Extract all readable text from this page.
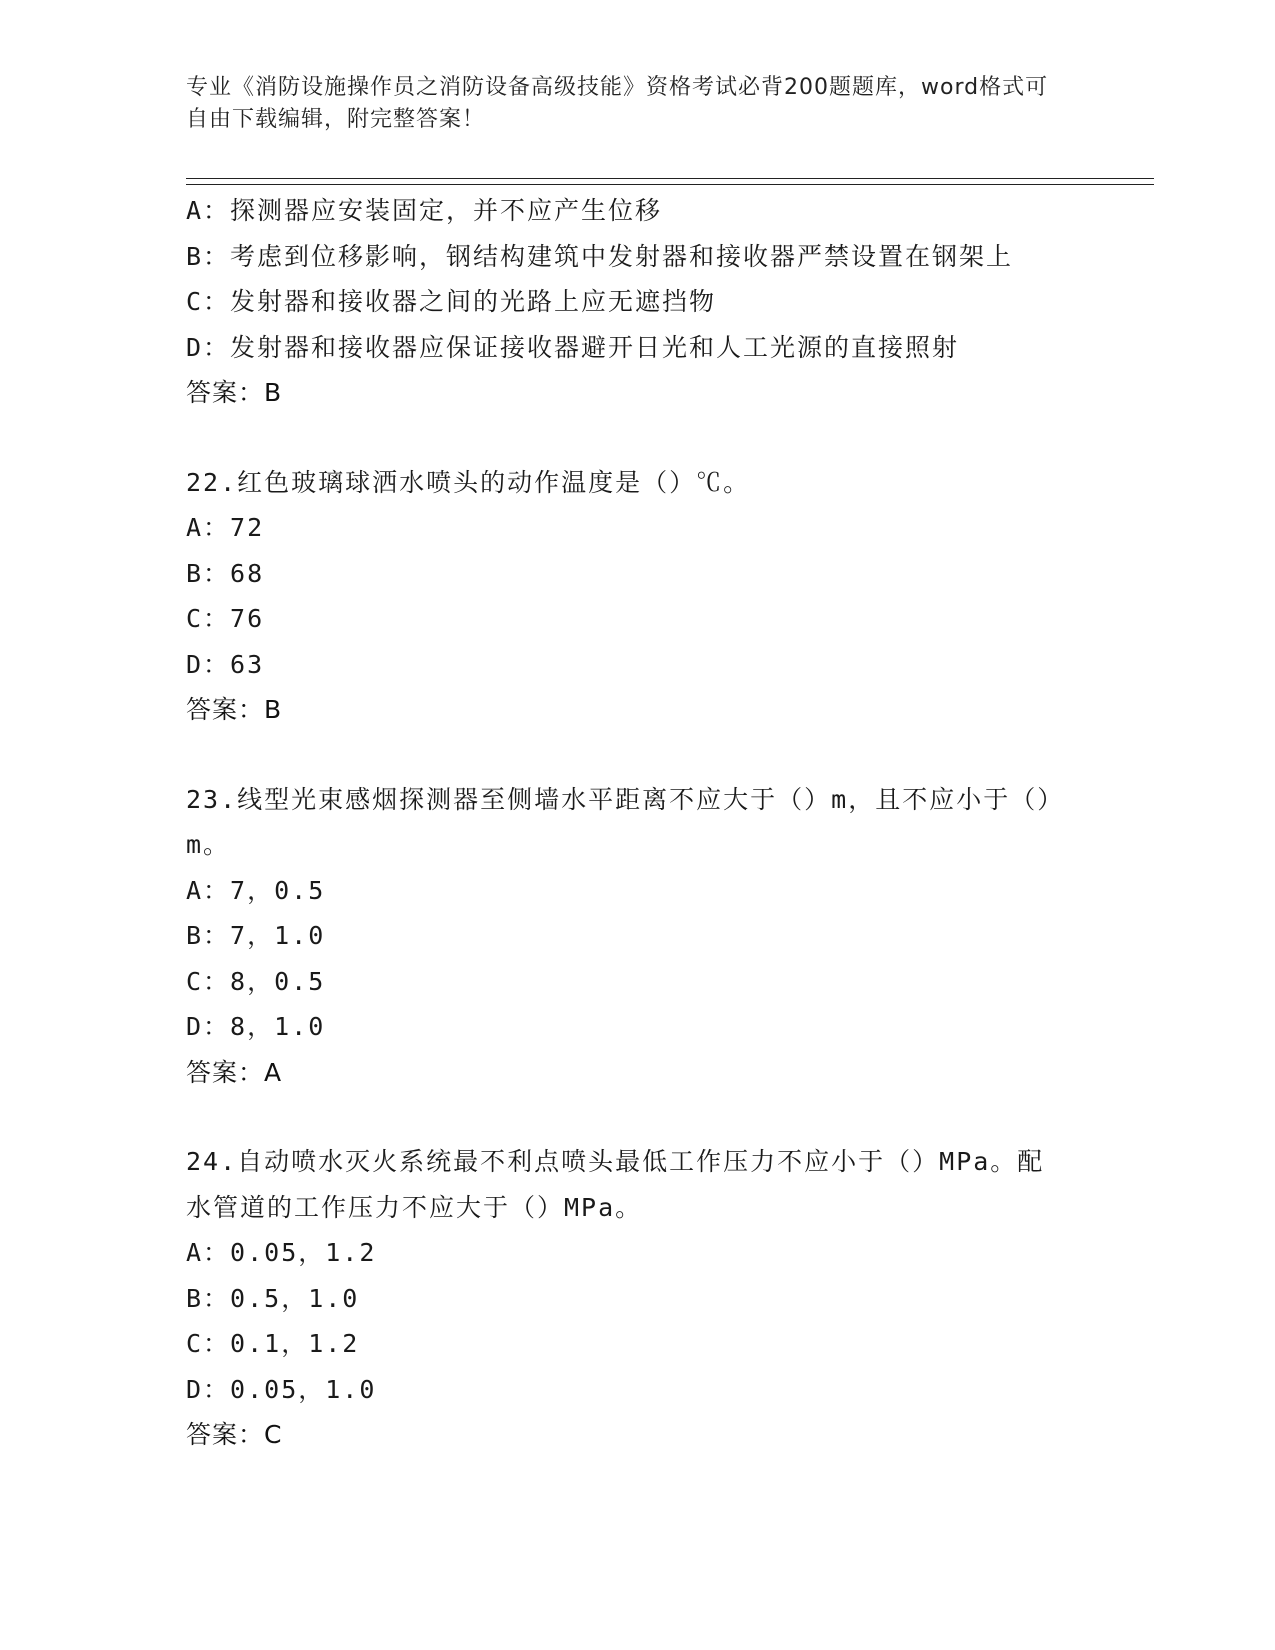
专业《消防设施操作员之消防设备高级技能》资格考试必背200题题库，word格式可自由下载编辑，附完整答案！
A：探测器应安装固定，并不应产生位移
B：考虑到位移影响，钢结构建筑中发射器和接收器严禁设置在钢架上
C：发射器和接收器之间的光路上应无遮挡物
D：发射器和接收器应保证接收器避开日光和人工光源的直接照射
答案：B
22.红色玻璃球洒水喷头的动作温度是（）℃。
A：72
B：68
C：76
D：63
答案：B
23.线型光束感烟探测器至侧墙水平距离不应大于（）m，且不应小于（）m。
A：7，0.5
B：7，1.0
C：8，0.5
D：8，1.0
答案：A
24.自动喷水灭火系统最不利点喷头最低工作压力不应小于（）MPa。配水管道的工作压力不应大于（）MPa。
A：0.05，1.2
B：0.5，1.0
C：0.1，1.2
D：0.05，1.0
答案：C
